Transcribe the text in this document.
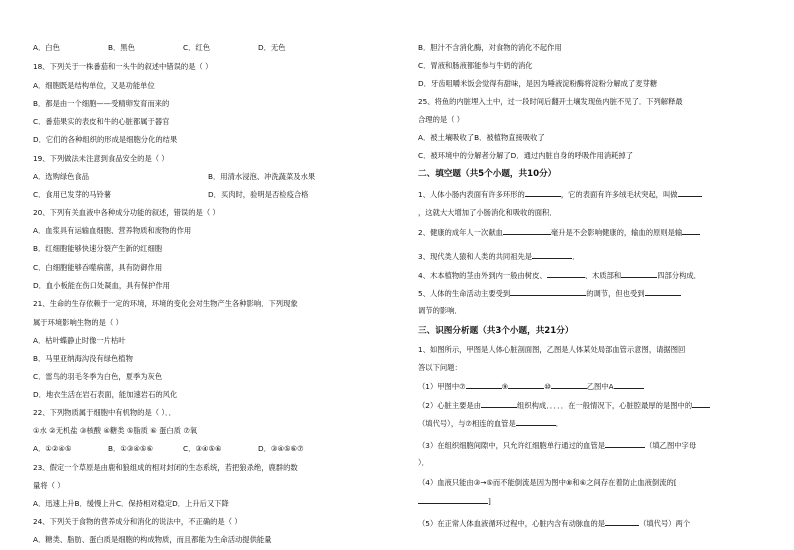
A．白色	B．黑色	C．红色	D．无色
18、下列关于一株番茄和一头牛的叙述中错误的是（ ）
A．细胞既是结构单位，又是功能单位
B．都是由一个细胞——受精卵发育而来的
C．番茄果实的表皮和牛的心脏都属于器官
D．它们的各种组织的形成是细胞分化的结果
19、下列做法未注意到食品安全的是（ ）
A．选购绿色食品	B．用清水浸泡、冲洗蔬菜及水果
C．食用已发芽的马铃薯	D．买肉时，验明是否检疫合格
20、下列有关血液中各种成分功能的叙述，错误的是（ ）
A．血浆具有运输血细胞、营养物质和废物的作用
B．红细胞能够快速分裂产生新的红细胞
C．白细胞能够吞噬病菌，具有防御作用
D．血小板能在伤口处凝血，具有保护作用
21、生命的生存依赖于一定的环境，环境的变化会对生物产生各种影响．下列现象
属于环境影响生物的是（ ）
A．枯叶蝶静止时像一片枯叶
B．马里亚纳海沟没有绿色植物
C．雷鸟的羽毛冬季为白色，夏季为灰色
D．地衣生活在岩石表面，能加速岩石的风化
22、下列物质属于细胞中有机物的是（ ）．．
①水 ②无机盐 ③核酸 ④糖类 ⑤脂质 ⑥ 蛋白质 ⑦氧
A．①②④⑤	B．①③④⑤⑥	C．③④⑤⑥	D．③④⑤⑥⑦
23、假定一个草原是由鹿和狼组成的相对封闭的生态系统，若把狼杀绝，鹿群的数
量将（ ）
A．迅速上升B．缓慢上升C．保持相对稳定D．上升后又下降
24、下列关于食物的营养成分和消化的说法中，不正确的是（ ）
A．糖类、脂肪、蛋白质是细胞的构成物质，而且都能为生命活动提供能量
B．胆汁不含消化酶，对食物的消化不起作用
C．胃液和肠液都能参与牛奶的消化
D．牙齿咀嚼米饭会觉得有甜味，是因为唾液淀粉酶将淀粉分解成了麦芽糖
25、将鱼的内脏埋入土中，过一段时间后翻开土壤发现鱼内脏不见了．下列解释最
合理的是（ ）
A．被土壤吸收了B．被植物直接吸收了
C．被环境中的分解者分解了D．通过内脏自身的呼吸作用消耗掉了
二、填空题（共5个小题，共10分）
1、人体小肠内表面有许多环形的	，它的表面有许多绒毛状突起，叫做
，这就大大增加了小肠消化和吸收的面积．
2、健康的成年人一次献血	毫升是不会影响健康的，输血的原则是输
3、现代类人猿和人类的共同祖先是	．
4、木本植物的茎由外到内一般由树皮、	、木质部和	四部分构成．
5、人体的生命活动主要受到	的调节，但也受到
调节的影响．
三、识图分析题（共3个小题，共21分）
1、如图所示，甲图是人体心脏剖面图，乙图是人体某处局部血管示意图，请据图回
答以下问题：
（1）甲图中⑦	⑨	⑩	乙图中A
（2）心脏主要是由	组织构成．．．．．在一般情况下，心脏腔最厚的是图中的
（填代号），与⑦相连的血管是	．
（3）在组织细胞间隙中，只允许红细胞单行通过的血管是	（填乙图中字母
）．
（4）血液只能由③→⑤而不能倒流是因为图中⑧和⑥之间存在着防止血液倒流的[
]
（5）在正常人体血液循环过程中，心脏内含有动脉血的是	（填代号）两个
